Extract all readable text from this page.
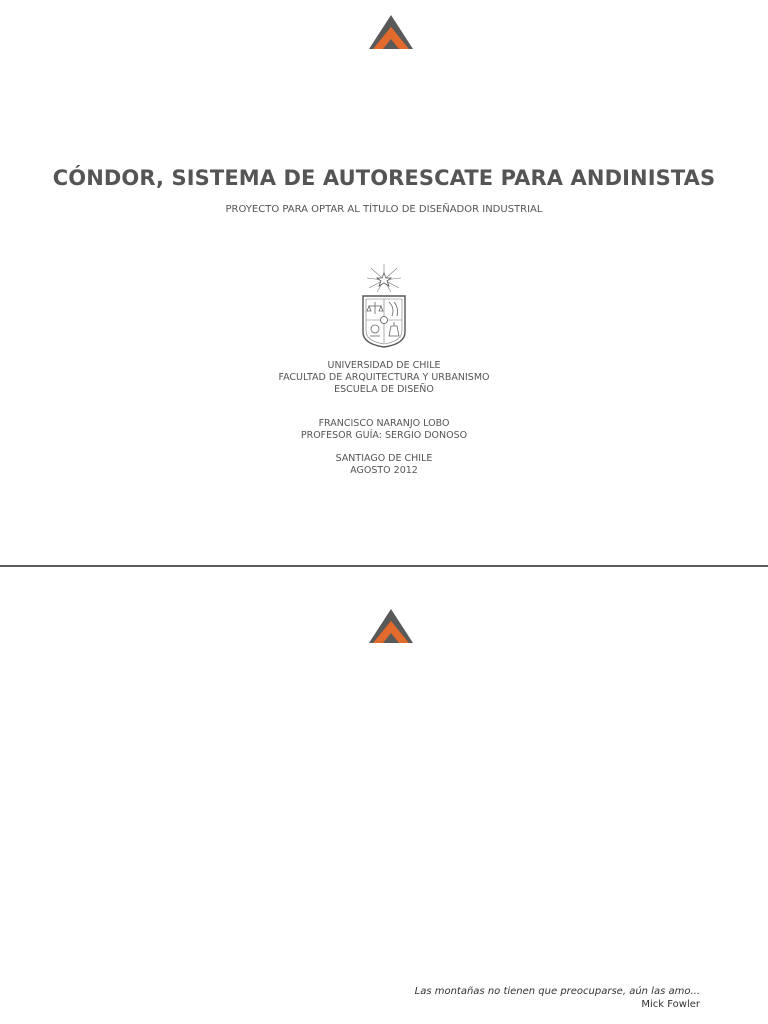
CÓNDOR, SISTEMA DE AUTORESCATE PARA ANDINISTAS

PROYECTO PARA OPTAR AL TÍTULO DE DISEÑADOR INDUSTRIAL

UNIVERSIDAD DE CHILE
FACULTAD DE ARQUITECTURA Y URBANISMO
ESCUELA DE DISEÑO
FRANCISCO NARANJO LOBO
PROFESOR GUÍA: SERGIO DONOSO
SANTIAGO DE CHILE
AGOSTO 2012
Las montañas no tienen que preocuparse, aún las amo...
Mick Fowler
